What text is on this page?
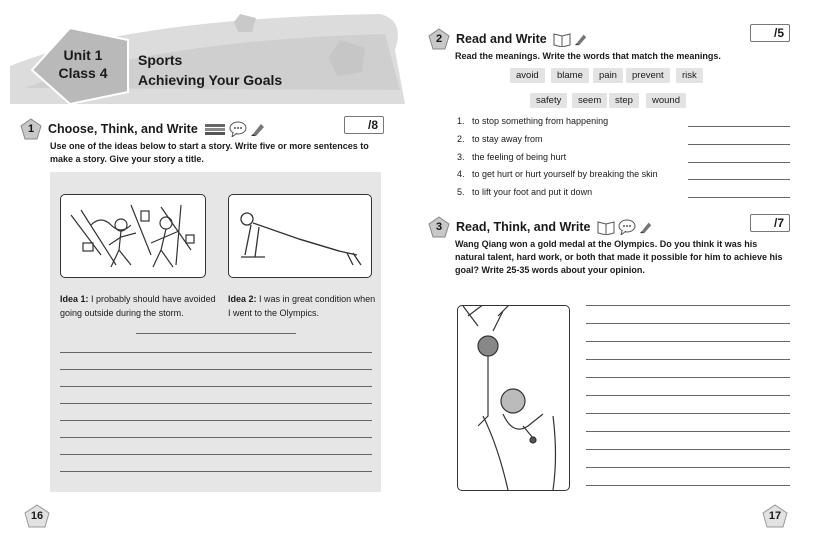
Unit 1
Class 4
Sports
Achieving Your Goals
1 Choose, Think, and Write	/8
Use one of the ideas below to start a story. Write five or more sentences to make a story. Give your story a title.
Idea 1: I probably should have avoided going outside during the storm.
Idea 2: I was in great condition when I went to the Olympics.
16
2 Read and Write	/5
Read the meanings. Write the words that match the meanings.
avoid	blame	pain	prevent	risk
safety	seem	step	wound
1. to stop something from happening
2. to stay away from
3. the feeling of being hurt
4. to get hurt or hurt yourself by breaking the skin
5. to lift your foot and put it down
3 Read, Think, and Write	/7
Wang Qiang won a gold medal at the Olympics. Do you think it was his natural talent, hard work, or both that made it possible for him to achieve his goal? Write 25-35 words about your opinion.
17
